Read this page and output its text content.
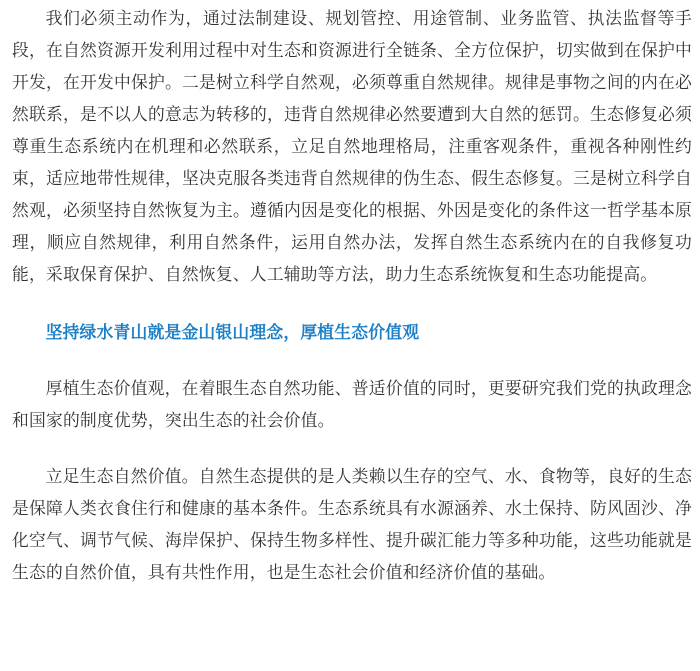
我们必须主动作为，通过法制建设、规划管控、用途管制、业务监管、执法监督等手段，在自然资源开发利用过程中对生态和资源进行全链条、全方位保护，切实做到在保护中开发，在开发中保护。二是树立科学自然观，必须尊重自然规律。规律是事物之间的内在必然联系，是不以人的意志为转移的，违背自然规律必然要遭到大自然的惩罚。生态修复必须尊重生态系统内在机理和必然联系，立足自然地理格局，注重客观条件，重视各种刚性约束，适应地带性规律，坚决克服各类违背自然规律的伪生态、假生态修复。三是树立科学自然观，必须坚持自然恢复为主。遵循内因是变化的根据、外因是变化的条件这一哲学基本原理，顺应自然规律，利用自然条件，运用自然办法，发挥自然生态系统内在的自我修复功能，采取保育保护、自然恢复、人工辅助等方法，助力生态系统恢复和生态功能提高。

坚持绿水青山就是金山银山理念，厚植生态价值观

厚植生态价值观，在着眼生态自然功能、普适价值的同时，更要研究我们党的执政理念和国家的制度优势，突出生态的社会价值。

立足生态自然价值。自然生态提供的是人类赖以生存的空气、水、食物等，良好的生态是保障人类衣食住行和健康的基本条件。生态系统具有水源涵养、水土保持、防风固沙、净化空气、调节气候、海岸保护、保持生物多样性、提升碳汇能力等多种功能，这些功能就是生态的自然价值，具有共性作用，也是生态社会价值和经济价值的基础。
